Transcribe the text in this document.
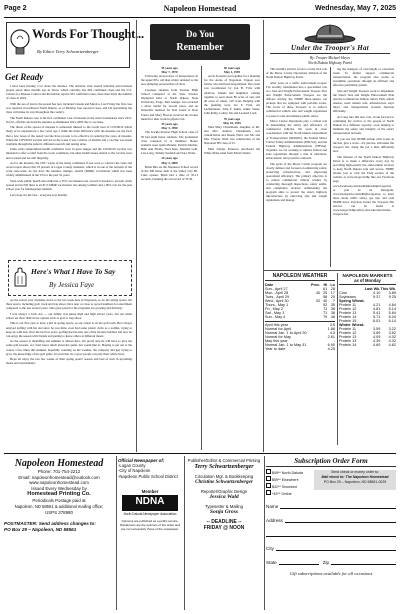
Page 2	Napoleon Homestead	Wednesday, May 7, 2025
Words For Thought...
By Editor Terry Schwartzenberger
Get Ready

I have been hearing a lot about the measles. The airborne virus started infecting unvaccinated people about three months ago in Texas, which currently has 663 confirmed cases and the U.S. Centers for Disease Control and Prevention reports 935 confirmed cases, more than triple the number of cases in 2024.

With the sea of travel, the spread has now included Canada and Mexico. Last Friday the first case was reported in northwest North Dakota, as of Monday four reported cases, and I'm speculating the virus will make its way throughout the country.

The North Dakota case is the first confirmed case of measles in the state's boundaries since 2011. In fact, officials declared the measles as eliminated since 2000 due to vaccines.

The threat of the spread of measles is somewhat likened to the recent bout of COVID19 which many of us experienced a few years ago. I think the main difference with the measles are the facts that a few doses of the tested vaccine have proven to be effective in reducing the cases of measles. When the COVID19 vaccine arrived on the scene it was a matter of months and a vaccine was made available through the nation's different research and testing done.

Folks with compromised health conditions were in great danger and the COVID19 vaccine was intended to offer a relief from the worst conditions, but other health issues related to the vaccine were never tested and are still lingering.

As for the measles, the CDC warns of the many conditions if one were to contract the virus and recent report shows that 18 percent of Logan County residents, which is in one of the bottoms of the scale state-wide, do not have the measles, mumps, rubella (MMR) vaccination which has been widely administered in the US for the past 52 years.

State-wide public health data indicates a 95% vaccination rate overall is needed to prevent wider spread and in ND there is an 81% MMR vaccination rate among toddlers and a 90% rate for the past school year for kindergarten students.

Let's hope for the best - everyone stay healthy.

Here's What I Have To Say
By Jessica Faye

As the school year dwindles down to the last week here in Napoleon, so do the spring sports. All three sports, including golf, track and trap shoot, have near or close to record numbers for enrollment compared to the last several years. One great point for the programs are growing and thriving!

I was always a track star — our family was junior high and high school years, but our small school set most didn't have options such as golf or trap shoot.

This is our first year to have a kid in spring sports, as our oldest is on the golf team. He's always enjoyed golfing with his dad since he was little; even had some plastic clubs as a toddler, trying to keep up with dad. Over the last few years, golfing has become one of his favorite hobbies and now he can enjoy the season with friends and getting to know others at different meets.

As the season is dwindling and summer is almost here, I'm pretty sure he will have to give me some golf lessons, as I don't know much about the game, but would like to. Hoping to get out to the course a few times this summer, hopefully counting on the weather, the company and just trying to grow my knowledge of the golf game. It's neat that it's a sport people can play their whole lives.

Hope all enjoy the last few weeks of their spring sports' season and best of luck in upcoming meets and tournaments!

Do You
Remember
55 years ago
May 7, 1970

Following several days of inexperience in the upper 80's, old man winter returned to the area dumping seven inches of snow.

Fourteen students from Streeter High School competed at the State Science Olympiad held at North Dakota State University, Fargo. Dan Gienger was awarded a silver medal for second place, and an honorable mention for Dan Grenz at State Fraser and Mary Hoover received the bronze medal for their work in physics lab.

35 years ago
May 3, 1990

The Gackle-Streeter High School class of 95 had eight honor students. The graduation class consisted of 11 members. Honor students were Audra Bender, Patricia Ducher, Beth Ann Erbele, Nora Klee, Danielle Lehr, Lisa Long, Tammy Seefeldt and Sara Weisz.

25 years ago
May 3, 2000

Brian Bux set the Napoleon School record in the 300 meter dash at the Valley City Hi-Liner opener. Brian had a time of 35.13 seconds, breaking the old record of 35.30.

30 years ago
May 1, 1995

Arvis Forrester put together for a planting for the Arena of Napoleon. Tappen area farmer who had been hospitalized. The event was coordinated by Jon B. Fritz with relatives, friends and neighbors coming together to seed about 80 acres of oats and 40 acres of wheat. 120 acres. Helping with the planting were Joe F. Fritz, Art Lachenmeier, John F. Kuhn, Adine Vetter, John Pettig, LeRoy Job and Leonard Loeb.

70 years ago
May 10, 1955

Miss Mary Christmann, daughter of Mr. and Mrs. Andrew Christmann, was valedictorian and Duane Wald, son Mr. and Mrs. Francis Wald was salutatorian of the Napoleon HS class of 55.

Miss Gladys Peterson purchased the White Maid stand from Edwin Wentz.

Under the Trooper's Hat
By: Trooper Michael Hayes
North Dakota Highway Patrol

This month's article's focus is on the vital role of the Motor Carrier Operations division of the North Dakota Highway Patrol.

After years as a traffic enforcement trooper, I've recently transitioned into a specialized role as a Size and Weight Enforcement Trooper. Size and Weight Enforcement Troopers are the officers driving the NDHP three-quarter ton pickups that are equipped with portable scales. The focus of these Troopers is to enforce commercial vehicle size and weight regulations to protect roads and enhance public safety.

Motor Carrier Operations play a critical role in maintaining the safety and efficiency of commercial vehicles. We work in close coordination with the North Dakota Department of Transportation (NDDOT), the Federal Motor Carrier Safety Administration (FMCSA), and the Federal Highway Administration (FHWA). Together, we are working to uphold federal and state regulations through a mix of education, enforcement, and proactive outreach.

The goals of the Motor Carrier program are clearly defined and focused on enhancing safety, preserving infrastructure, and improving operational efficiency. The primary objective is to reduce commercial vehicle crashes by conducting thorough inspections, safety audits, and compliance reviews. Additionally, the program aims to protect the state's highway infrastructure by enforcing size and weight regulations and manag-

ing the transport of overweight or oversized loads. To further support commercial transportation, the program also works to streamline operations through an efficient and effective permitting system.

Size and Weight Troopers work to implement the State's Size and Weight Enforcement Plan and the Commercial Vehicle Safety Plan, which ensures roads remain safe, infrastructure stays intact, and transportation systems function efficiently.

As I step into this new role, I look forward to continuing my service to the people of North Dakota in a different capacity—now helping to maintain the safety and integrity of the state's transportation network.

If you see that NDHP pickup with scales in the bed, give a wave—it's just me, still under the trooper's hat, doing the job a little differently now.

The mission of the North Dakota Highway Patrol is to make a difference every day by providing high-quality law enforcement services to keep North Dakota safe and secure. NDHP invites you to visit the FAQ section of the website at www.nd.gov/ndhp like our Facebook page www.facebook.com/northdakotahighwaypatrol or join us on Instagram, www.instagram.com/ndhighwaypatrol, to learn more about traffic safety, get tips, and read NDHP news. Previous Under the Troopers Hat articles can be found at www.nd.gov/ndhp/safety-and-education/under-troopers-hat.

NAPOLEON WEATHER
Date	Prec.	Hi	Lo
Sun., April 27		61	28
Mon., April 28	.40	25	17
Tues., April 29		58	20
Wed., April 30	.02	40	7
Thurs., May 1		52	35
Fri., May 2		71	38
Sat., May 3		71	38
Sun., May 4		79	46
April this year	3.5
Normal for April	1.86
Normal Jan. 1 to April 30	4.3
Normal for May	2.61
May this year	-
Normal Jan. 1 to May 31	6.90
Year to date	4.25
NAPOLEON MARKETS
as of Monday
	Last Wk.	This Wk.
Corn	4.10	3.89
Soybeans	9.37	9.25
Spring Wheat-		
Protein 11	4.21	4.64
Protein 12	4.81	5.14
Protein 13	5.41	5.64
Protein 14	5.71	6.04
Protein 15	6.01	6.14
Winter Wheat-		
Protein 11	3.59	3.22
Protein 12	3.69	3.52
Protein 13	4.09	4.02
Protein 13	4.39	4.32
Protein 14	4.69	4.62
Napoleon Homestead
Phone: 701-754-2212
Email: napoleonhomestead@outlook.com
www.napoleonhomestead.com
Issued Every Wednesday by
Homestead Printing Co.
Periodicals Postage paid at
Napoleon, ND 58561 & additional mailing office;
USPS 378980
POSTMASTER: Send address changes to:
PO Box 29 – Napoleon, ND 58561
Official Newspaper of:
-Logan County
-City of Napoleon
-Napoleon Public School District
Member
NDNA
North Dakota Newspaper Association
Opinions are published as a public service. Disclaimers are the opinions of the writer and are not necessarily those of the newspaper.
Publisher/Editor & Commercial Printing
Terry Schwartzenberger
Circulation Mgr. & Bookkeeping
Christine Schwartzenberger
Reporter/Graphic Design
Jessica Wald
Typesetter & Mailing
Sonja Gross
-- DEADLINE --
FRIDAY @ NOON
Subscription Order Form
$49** North Dakota
$59** Elsewhere
$42** Snowbird
*43** Online
Send check or money order to:
Mail check to: The Napoleon Homestead
PO Box 29 – Napoleon, ND 58561-0029
Name
Address
City
State	Zip
Gift subscriptions available for all occasions
